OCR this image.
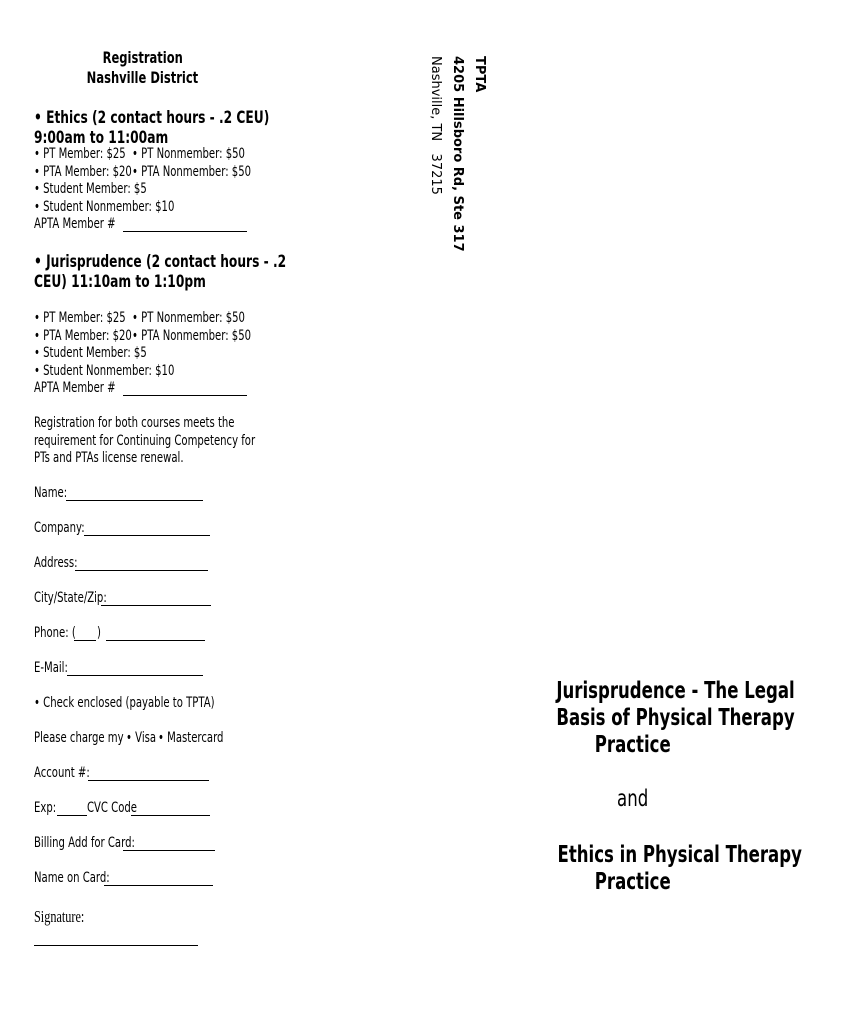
Registration
Nashville District
• Ethics (2 contact hours - .2 CEU)
9:00am to 11:00am
• PT Member: $25 • PT Nonmember: $50
• PTA Member: $20 • PTA Nonmember: $50
• Student Member: $5
• Student Nonmember: $10
APTA Member #
• Jurisprudence (2 contact hours - .2
CEU) 11:10am to 1:10pm
• PT Member: $25 • PT Nonmember: $50
• PTA Member: $20 • PTA Nonmember: $50
• Student Member: $5
• Student Nonmember: $10
APTA Member #
Registration for both courses meets the
requirement for Continuing Competency for
PTs and PTAs license renewal.
Name:
Company:
Address:
City/State/Zip:
Phone: ( )
E-Mail:
• Check enclosed (payable to TPTA)
Please charge my • Visa • Mastercard
Account #:
Exp: CVC Code
Billing Add for Card:
Name on Card:
Signature:
TPTA
4205 Hillsboro Rd, Ste 317
Nashville, TN   37215
Jurisprudence - The Legal
Basis of Physical Therapy
Practice
and
Ethics in Physical Therapy
Practice
